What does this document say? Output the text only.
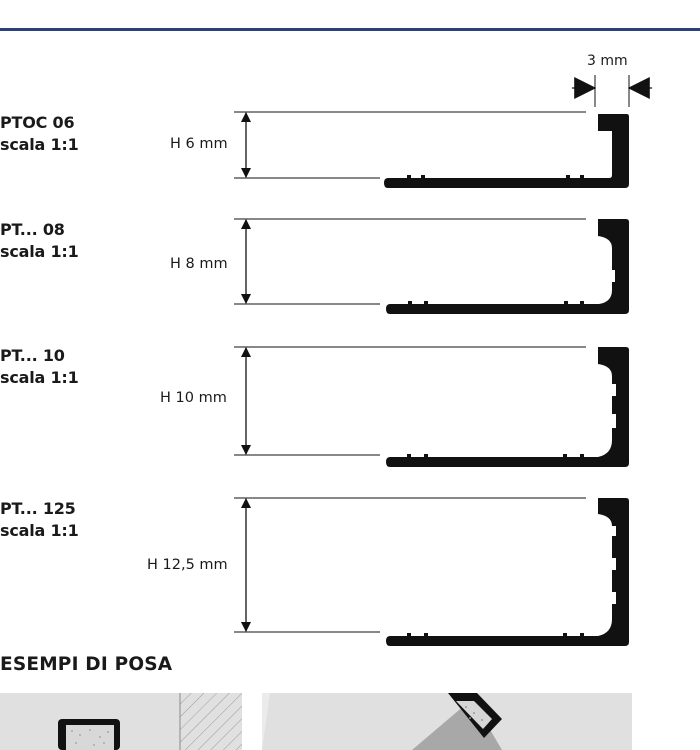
3 mm
PTOC 06
scala 1:1	H 6 mm
PT... 08
scala 1:1
H 8 mm
PT... 10
scala 1:1
H 10 mm
PT... 125
scala 1:1
H 12,5 mm
ESEMPI DI POSA
